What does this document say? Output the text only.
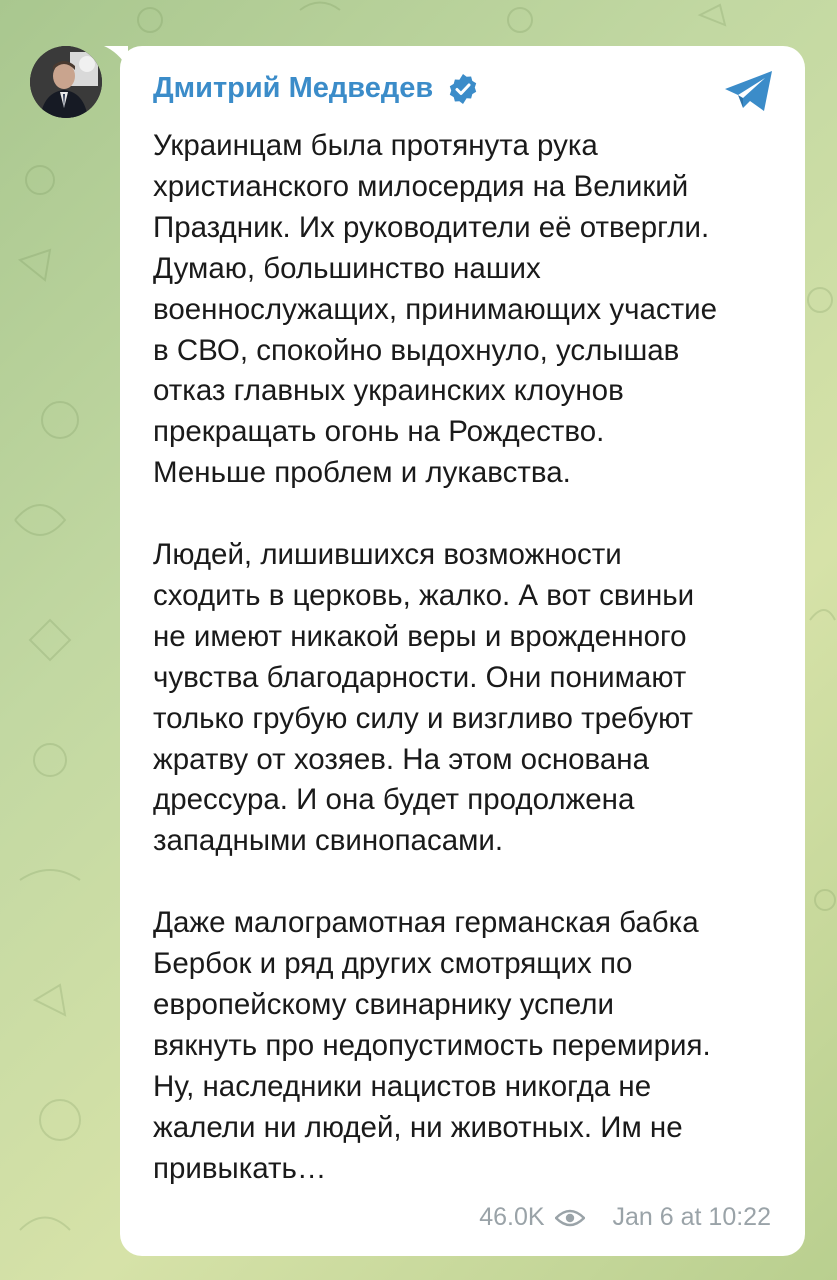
Дмитрий Медведев

Украинцам была протянута рука
христианского милосердия на Великий
Праздник. Их руководители её отвергли.
Думаю, большинство наших
военнослужащих, принимающих участие
в СВО, спокойно выдохнуло, услышав
отказ главных украинских клоунов
прекращать огонь на Рождество.
Меньше проблем и лукавства.

Людей, лишившихся возможности
сходить в церковь, жалко. А вот свиньи
не имеют никакой веры и врожденного
чувства благодарности. Они понимают
только грубую силу и визгливо требуют
жратву от хозяев. На этом основана
дрессура. И она будет продолжена
западными свинопасами.

Даже малограмотная германская бабка
Бербок и ряд других смотрящих по
европейскому свинарнику успели
вякнуть про недопустимость перемирия.
Ну, наследники нацистов никогда не
жалели ни людей, ни животных. Им не
привыкать…

46.0K	Jan 6 at 10:22
